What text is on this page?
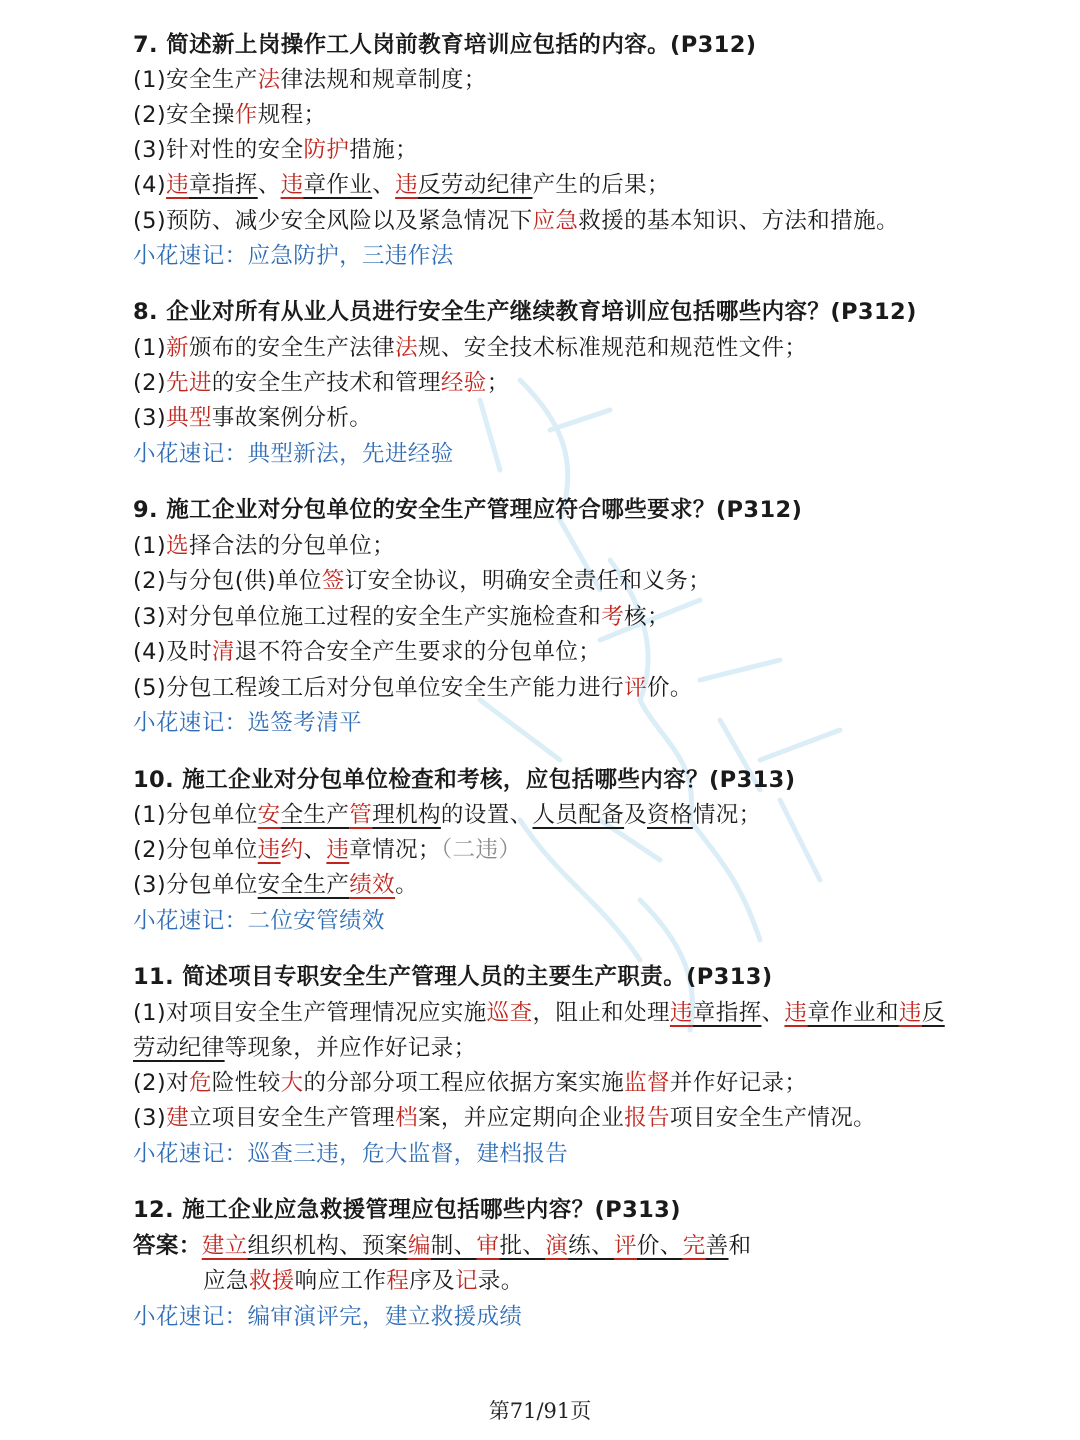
7. 简述新上岗操作工人岗前教育培训应包括的内容。(P312)
(1)安全生产法律法规和规章制度；
(2)安全操作规程；
(3)针对性的安全防护措施；
(4)违章指挥、违章作业、违反劳动纪律产生的后果；
(5)预防、减少安全风险以及紧急情况下应急救援的基本知识、方法和措施。
小花速记：应急防护，三违作法
8. 企业对所有从业人员进行安全生产继续教育培训应包括哪些内容？(P312)
(1)新颁布的安全生产法律法规、安全技术标准规范和规范性文件；
(2)先进的安全生产技术和管理经验；
(3)典型事故案例分析。
小花速记：典型新法，先进经验
9. 施工企业对分包单位的安全生产管理应符合哪些要求？(P312)
(1)选择合法的分包单位；
(2)与分包(供)单位签订安全协议，明确安全责任和义务；
(3)对分包单位施工过程的安全生产实施检查和考核；
(4)及时清退不符合安全产生要求的分包单位；
(5)分包工程竣工后对分包单位安全生产能力进行评价。
小花速记：选签考清平
10. 施工企业对分包单位检查和考核，应包括哪些内容？(P313)
(1)分包单位安全生产管理机构的设置、人员配备及资格情况；
(2)分包单位违约、违章情况；（二违）
(3)分包单位安全生产绩效。
小花速记：二位安管绩效
11. 简述项目专职安全生产管理人员的主要生产职责。(P313)
(1)对项目安全生产管理情况应实施巡查，阻止和处理违章指挥、违章作业和违反
劳动纪律等现象，并应作好记录；
(2)对危险性较大的分部分项工程应依据方案实施监督并作好记录；
(3)建立项目安全生产管理档案，并应定期向企业报告项目安全生产情况。
小花速记：巡查三违，危大监督，建档报告
12. 施工企业应急救援管理应包括哪些内容？(P313)
答案：建立组织机构、预案编制、审批、演练、评价、完善和
应急救援响应工作程序及记录。
小花速记：编审演评完，建立救援成绩
第71/91页
